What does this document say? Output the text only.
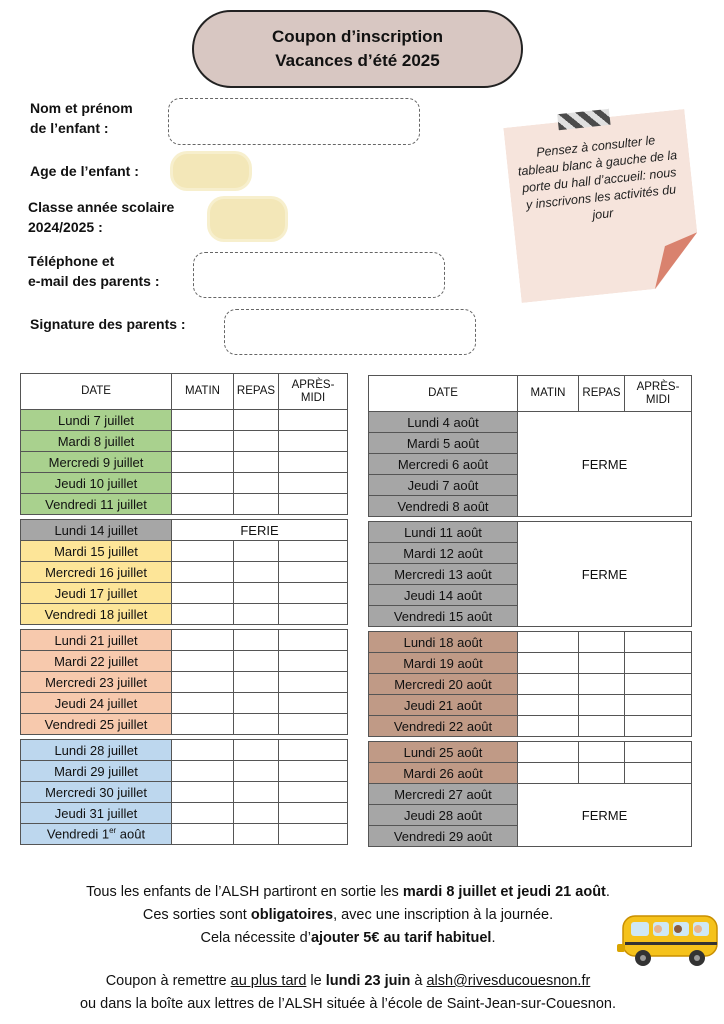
Coupon d’inscription
Vacances d’été 2025
Nom et prénom
de l’enfant :
Age de l’enfant :
Classe année scolaire
2024/2025 :
Téléphone et
e-mail des parents :
Signature des parents :
Pensez à consulter le tableau blanc à gauche de la porte du hall d’accueil: nous y inscrivons les activités du jour
DATE	MATIN	REPAS	APRÈS-
MIDI
Lundi 7 juillet			
Mardi 8 juillet			
Mercredi 9 juillet			
Jeudi 10 juillet			
Vendredi 11 juillet			

Lundi 14 juillet	FERIE		
Mardi 15 juillet			
Mercredi 16 juillet			
Jeudi 17 juillet			
Vendredi 18 juillet			

Lundi 21 juillet			
Mardi 22 juillet			
Mercredi 23 juillet			
Jeudi 24 juillet			
Vendredi 25 juillet			

Lundi 28 juillet			
Mardi 29 juillet			
Mercredi 30 juillet			
Jeudi 31 juillet			
Vendredi 1er août			
DATE	MATIN	REPAS	APRÈS-
MIDI
Lundi 4 août	FERME		
Mardi 5 août			
Mercredi 6 août			
Jeudi 7 août			
Vendredi 8 août			

Lundi 11 août	FERME		
Mardi 12 août			
Mercredi 13 août			
Jeudi 14 août			
Vendredi 15 août			

Lundi 18 août			
Mardi 19 août			
Mercredi 20 août			
Jeudi 21 août			
Vendredi 22 août			

Lundi 25 août			
Mardi 26 août			
Mercredi 27 août	FERME		
Jeudi 28 août			
Vendredi 29 août			
Tous les enfants de l’ALSH partiront en sortie les mardi 8 juillet et jeudi 21 août.
Ces sorties sont obligatoires, avec une inscription à la journée.
Cela nécessite d’ajouter 5€ au tarif habituel.
Coupon à remettre au plus tard le lundi 23 juin à alsh@rivesducouesnon.fr
ou dans la boîte aux lettres de l’ALSH située à l’école de Saint-Jean-sur-Couesnon.
